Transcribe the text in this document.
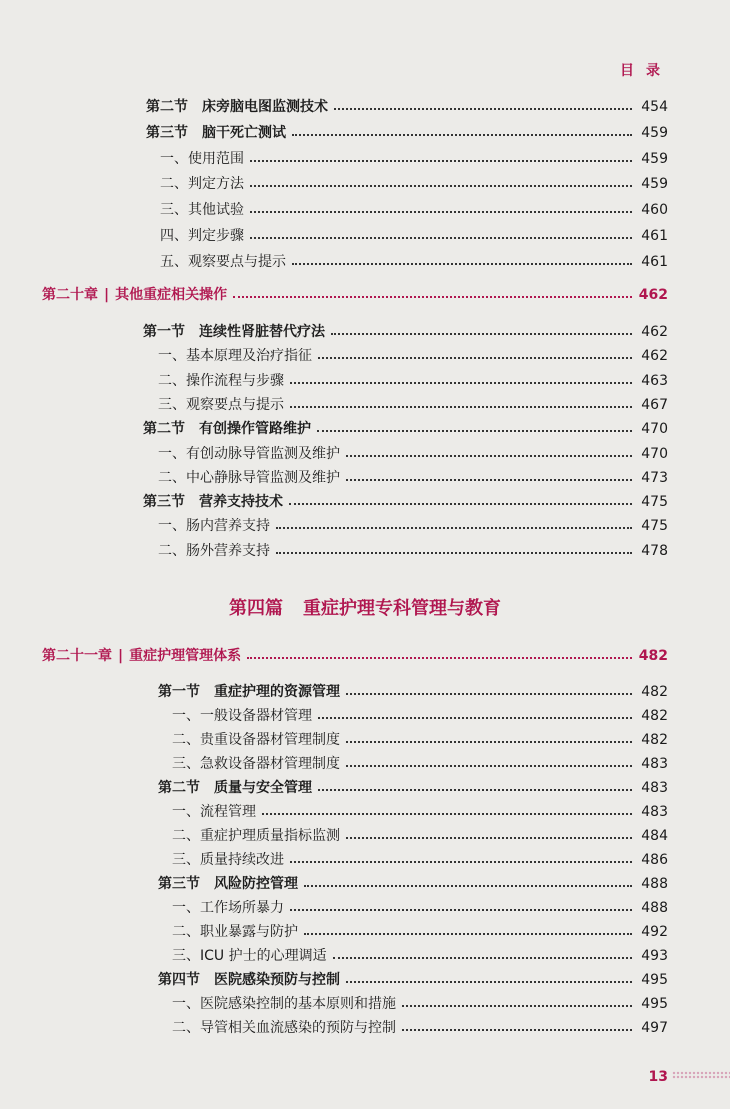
目录
第二节　床旁脑电图监测技术	454
第三节　脑干死亡测试	459
一、使用范围	459
二、判定方法	459
三、其他试验	460
四、判定步骤	461
五、观察要点与提示	461
第二十章 | 其他重症相关操作	462
第一节　连续性肾脏替代疗法	462
一、基本原理及治疗指征	462
二、操作流程与步骤	463
三、观察要点与提示	467
第二节　有创操作管路维护	470
一、有创动脉导管监测及维护	470
二、中心静脉导管监测及维护	473
第三节　营养支持技术	475
一、肠内营养支持	475
二、肠外营养支持	478
第四篇 重症护理专科管理与教育
第二十一章 | 重症护理管理体系	482
第一节　重症护理的资源管理	482
一、一般设备器材管理	482
二、贵重设备器材管理制度	482
三、急救设备器材管理制度	483
第二节　质量与安全管理	483
一、流程管理	483
二、重症护理质量指标监测	484
三、质量持续改进	486
第三节　风险防控管理	488
一、工作场所暴力	488
二、职业暴露与防护	492
三、ICU 护士的心理调适	493
第四节　医院感染预防与控制	495
一、医院感染控制的基本原则和措施	495
二、导管相关血流感染的预防与控制	497
13
